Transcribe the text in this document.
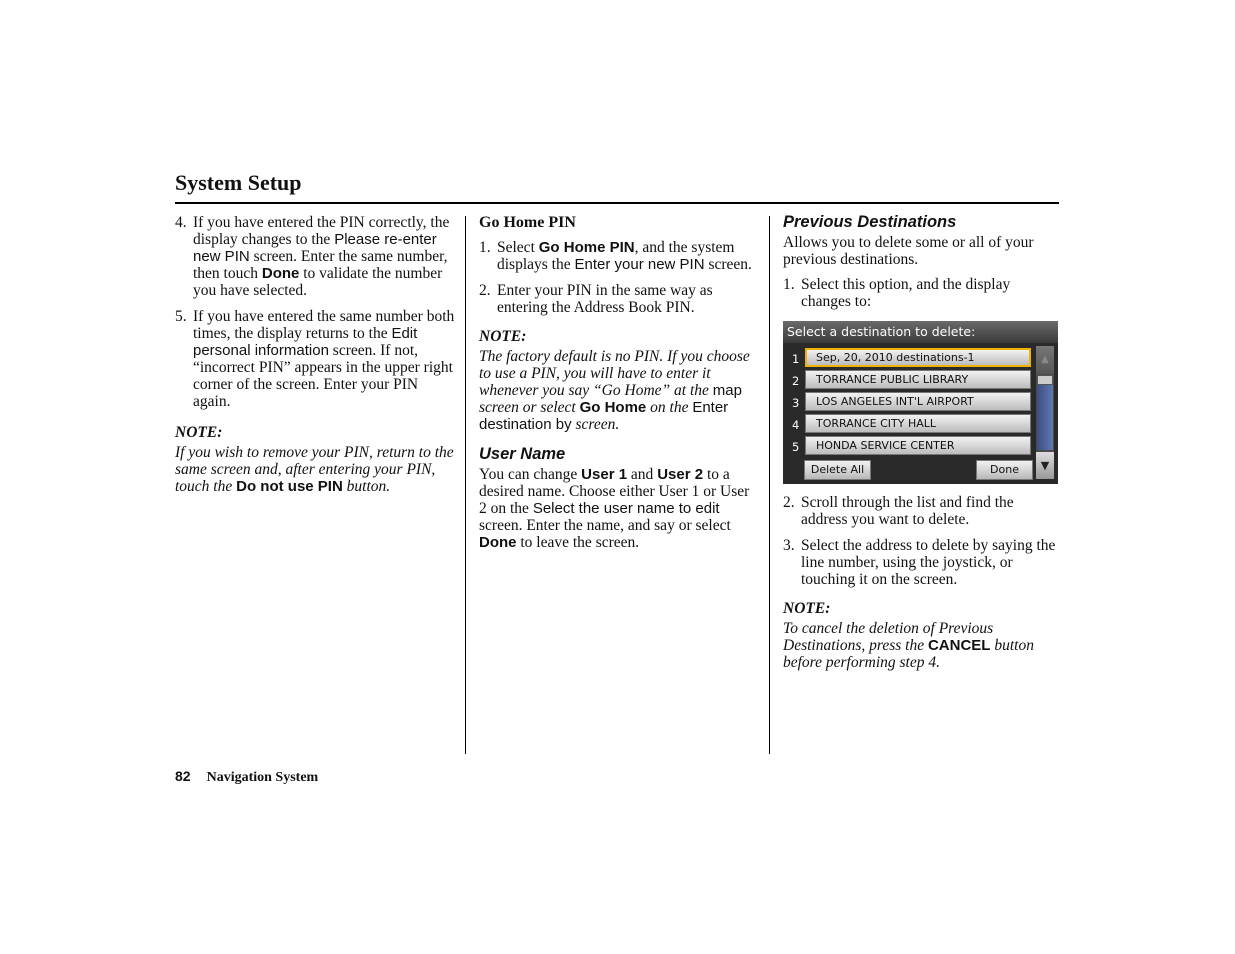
System Setup
4. If you have entered the PIN correctly, the display changes to the Please re-enter new PIN screen. Enter the same number, then touch Done to validate the number you have selected.
5. If you have entered the same number both times, the display returns to the Edit personal information screen. If not, “incorrect PIN” appears in the upper right corner of the screen. Enter your PIN again.
NOTE:
If you wish to remove your PIN, return to the same screen and, after entering your PIN, touch the Do not use PIN button.
Go Home PIN
1. Select Go Home PIN, and the system displays the Enter your new PIN screen.
2. Enter your PIN in the same way as entering the Address Book PIN.
NOTE:
The factory default is no PIN. If you choose to use a PIN, you will have to enter it whenever you say “Go Home” at the map screen or select Go Home on the Enter destination by screen.
User Name

You can change User 1 and User 2 to a desired name. Choose either User 1 or User 2 on the Select the user name to edit screen. Enter the name, and say or select Done to leave the screen.

Previous Destinations

Allows you to delete some or all of your previous destinations.

1. Select this option, and the display changes to:
Select a destination to delete:
1	Sep, 20, 2010 destinations-1
2	TORRANCE PUBLIC LIBRARY
3	LOS ANGELES INT'L AIRPORT
4	TORRANCE CITY HALL
5	HONDA SERVICE CENTER
▲
▼
Delete All	Done
2. Scroll through the list and find the address you want to delete.
3. Select the address to delete by saying the line number, using the joystick, or touching it on the screen.
NOTE:
To cancel the deletion of Previous Destinations, press the CANCEL button before performing step 4.
82 Navigation System
